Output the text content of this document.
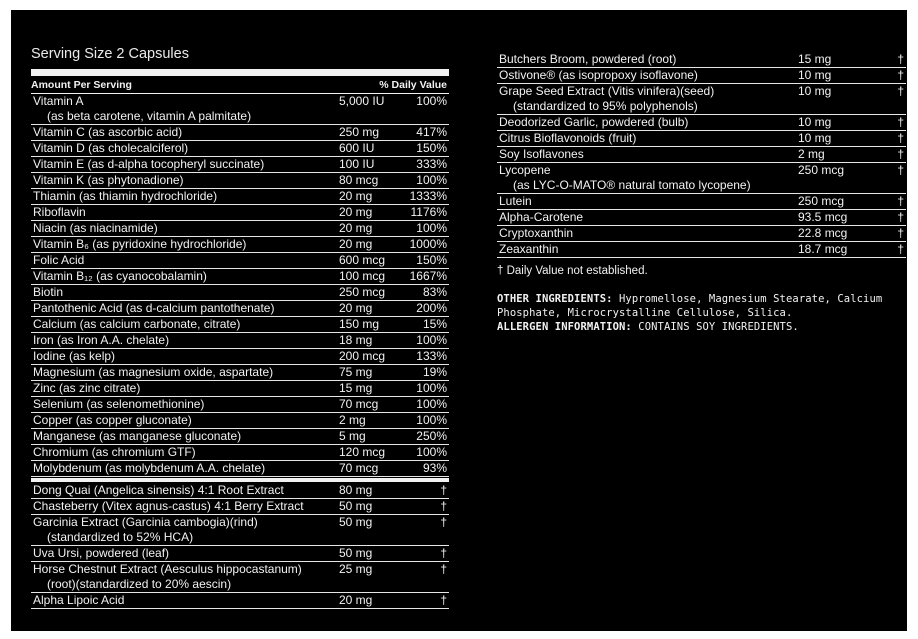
Serving Size 2 Capsules
Amount Per Serving	% Daily Value
Vitamin A
(as beta carotene, vitamin A palmitate)
5,000 IU	100%
Vitamin C (as ascorbic acid)	250 mg	417%
Vitamin D (as cholecalciferol)	600 IU	150%
Vitamin E (as d-alpha tocopheryl succinate)	100 IU	333%
Vitamin K (as phytonadione)	80 mcg	100%
Thiamin (as thiamin hydrochloride)	20 mg	1333%
Riboflavin	20 mg	1176%
Niacin (as niacinamide)	20 mg	100%
Vitamin B₆ (as pyridoxine hydrochloride)	20 mg	1000%
Folic Acid	600 mcg	150%
Vitamin B₁₂ (as cyanocobalamin)	100 mcg	1667%
Biotin	250 mcg	83%
Pantothenic Acid (as d-calcium pantothenate)	20 mg	200%
Calcium (as calcium carbonate, citrate)	150 mg	15%
Iron (as Iron A.A. chelate)	18 mg	100%
Iodine (as kelp)	200 mcg	133%
Magnesium (as magnesium oxide, aspartate)	75 mg	19%
Zinc (as zinc citrate)	15 mg	100%
Selenium (as selenomethionine)	70 mcg	100%
Copper (as copper gluconate)	2 mg	100%
Manganese (as manganese gluconate)	5 mg	250%
Chromium (as chromium GTF)	120 mcg	100%
Molybdenum (as molybdenum A.A. chelate)	70 mcg	93%
Dong Quai (Angelica sinensis) 4:1 Root Extract	80 mg	†
Chasteberry (Vitex agnus-castus) 4:1 Berry Extract	50 mg	†
Garcinia Extract (Garcinia cambogia)(rind)
(standardized to 52% HCA)
50 mg	†
Uva Ursi, powdered (leaf)	50 mg	†
Horse Chestnut Extract (Aesculus hippocastanum)
(root)(standardized to 20% aescin)
25 mg	†
Alpha Lipoic Acid	20 mg	†
Butchers Broom, powdered (root)	15 mg	†
Ostivone® (as isopropoxy isoflavone)	10 mg	†
Grape Seed Extract (Vitis vinifera)(seed)
(standardized to 95% polyphenols)
10 mg	†
Deodorized Garlic, powdered (bulb)	10 mg	†
Citrus Bioflavonoids (fruit)	10 mg	†
Soy Isoflavones	2 mg	†
Lycopene
(as LYC-O-MATO® natural tomato lycopene)
250 mcg	†
Lutein	250 mcg	†
Alpha-Carotene	93.5 mcg	†
Cryptoxanthin	22.8 mcg	†
Zeaxanthin	18.7 mcg	†
† Daily Value not established.
OTHER INGREDIENTS: Hypromellose, Magnesium Stearate, Calcium Phosphate, Microcrystalline Cellulose, Silica.
ALLERGEN INFORMATION: CONTAINS SOY INGREDIENTS.
